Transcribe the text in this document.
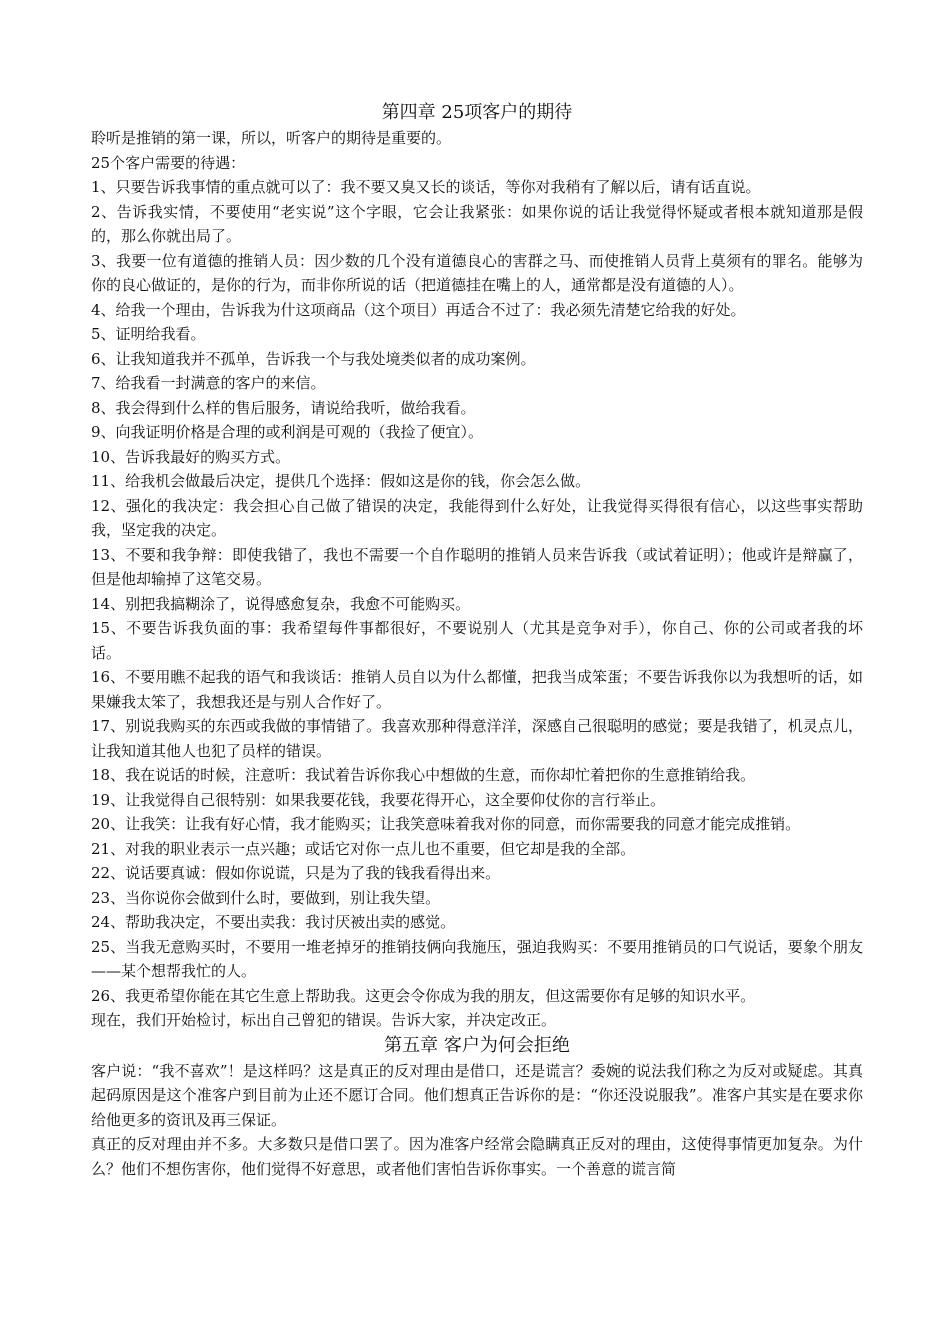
第四章 25项客户的期待

聆听是推销的第一课，所以，听客户的期待是重要的。

25个客户需要的待遇：

1、只要告诉我事情的重点就可以了：我不要又臭又长的谈话，等你对我稍有了解以后，请有话直说。

2、告诉我实情，不要使用“老实说”这个字眼，它会让我紧张：如果你说的话让我觉得怀疑或者根本就知道那是假的，那么你就出局了。

3、我要一位有道德的推销人员：因少数的几个没有道德良心的害群之马、而使推销人员背上莫须有的罪名。能够为你的良心做证的，是你的行为，而非你所说的话（把道德挂在嘴上的人，通常都是没有道德的人）。

4、给我一个理由，告诉我为什这项商品（这个项目）再适合不过了：我必须先清楚它给我的好处。

5、证明给我看。

6、让我知道我并不孤单，告诉我一个与我处境类似者的成功案例。

7、给我看一封满意的客户的来信。

8、我会得到什么样的售后服务，请说给我听，做给我看。

9、向我证明价格是合理的或利润是可观的（我捡了便宜）。

10、告诉我最好的购买方式。

11、给我机会做最后决定，提供几个选择：假如这是你的钱，你会怎么做。

12、强化的我决定：我会担心自己做了错误的决定，我能得到什么好处，让我觉得买得很有信心，以这些事实帮助我，坚定我的决定。

13、不要和我争辩：即使我错了，我也不需要一个自作聪明的推销人员来告诉我（或试着证明）；他或许是辩赢了，但是他却输掉了这笔交易。

14、别把我搞糊涂了，说得感愈复杂，我愈不可能购买。

15、不要告诉我负面的事：我希望每件事都很好，不要说别人（尤其是竞争对手），你自己、你的公司或者我的坏话。

16、不要用瞧不起我的语气和我谈话：推销人员自以为什么都懂，把我当成笨蛋；不要告诉我你以为我想听的话，如果嫌我太笨了，我想我还是与别人合作好了。

17、别说我购买的东西或我做的事情错了。我喜欢那种得意洋洋，深感自己很聪明的感觉；要是我错了，机灵点儿，让我知道其他人也犯了员样的错误。

18、我在说话的时候，注意听：我试着告诉你我心中想做的生意，而你却忙着把你的生意推销给我。

19、让我觉得自己很特别：如果我要花钱，我要花得开心，这全要仰仗你的言行举止。

20、让我笑：让我有好心情，我才能购买；让我笑意味着我对你的同意，而你需要我的同意才能完成推销。

21、对我的职业表示一点兴趣；或话它对你一点儿也不重要，但它却是我的全部。

22、说话要真诚：假如你说谎，只是为了我的钱我看得出来。

23、当你说你会做到什么时，要做到，别让我失望。

24、帮助我决定，不要出卖我：我讨厌被出卖的感觉。

25、当我无意购买时，不要用一堆老掉牙的推销技俩向我施压，强迫我购买：不要用推销员的口气说话，要象个朋友——某个想帮我忙的人。

26、我更希望你能在其它生意上帮助我。这更会令你成为我的朋友，但这需要你有足够的知识水平。

现在，我们开始检讨，标出自己曾犯的错误。告诉大家，并决定改正。

第五章 客户为何会拒绝

客户说：“我不喜欢”！是这样吗？这是真正的反对理由是借口，还是谎言？委婉的说法我们称之为反对或疑虑。其真起码原因是这个准客户到目前为止还不愿订合同。他们想真正告诉你的是：“你还没说服我”。准客户其实是在要求你给他更多的资讯及再三保证。

真正的反对理由并不多。大多数只是借口罢了。因为准客户经常会隐瞒真正反对的理由，这使得事情更加复杂。为什么？他们不想伤害你，他们觉得不好意思，或者他们害怕告诉你事实。一个善意的谎言简
